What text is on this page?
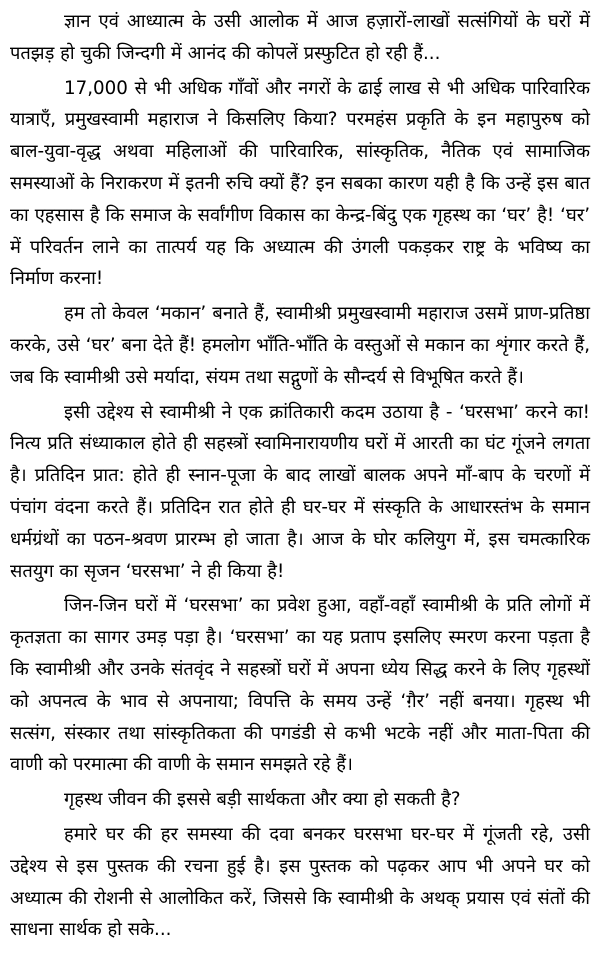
ज्ञान एवं आध्यात्म के उसी आलोक में आज हज़ारों-लाखों सत्संगियों के घरों में पतझड़ हो चुकी जिन्दगी में आनंद की कोपलें प्रस्फुटित हो रही हैं...

17,000 से भी अधिक गाँवों और नगरों के ढाई लाख से भी अधिक पारिवारिक यात्राएँ, प्रमुखस्वामी महाराज ने किसलिए किया? परमहंस प्रकृति के इन महापुरुष को बाल-युवा-वृद्ध अथवा महिलाओं की पारिवारिक, सांस्कृतिक, नैतिक एवं सामाजिक समस्याओं के निराकरण में इतनी रुचि क्यों हैं? इन सबका कारण यही है कि उन्हें इस बात का एहसास है कि समाज के सर्वांगीण विकास का केन्द्र-बिंदु एक गृहस्थ का ‘घर’ है! ‘घर’ में परिवर्तन लाने का तात्पर्य यह कि अध्यात्म की उंगली पकड़कर राष्ट्र के भविष्य का निर्माण करना!

हम तो केवल ‘मकान’ बनाते हैं, स्वामीश्री प्रमुखस्वामी महाराज उसमें प्राण-प्रतिष्ठा करके, उसे ‘घर’ बना देते हैं! हमलोग भाँति-भाँति के वस्तुओं से मकान का शृंगार करते हैं, जब कि स्वामीश्री उसे मर्यादा, संयम तथा सद्गुणों के सौन्दर्य से विभूषित करते हैं।

इसी उद्देश्य से स्वामीश्री ने एक क्रांतिकारी कदम उठाया है - ‘घरसभा’ करने का! नित्य प्रति संध्याकाल होते ही सहस्त्रों स्वामिनारायणीय घरों में आरती का घंट गूंजने लगता है। प्रतिदिन प्रात: होते ही स्नान-पूजा के बाद लाखों बालक अपने माँ-बाप के चरणों में पंचांग वंदना करते हैं। प्रतिदिन रात होते ही घर-घर में संस्कृति के आधारस्तंभ के समान धर्मग्रंथों का पठन-श्रवण प्रारम्भ हो जाता है। आज के घोर कलियुग में, इस चमत्कारिक सतयुग का सृजन ‘घरसभा’ ने ही किया है!

जिन-जिन घरों में ‘घरसभा’ का प्रवेश हुआ, वहाँ-वहाँ स्वामीश्री के प्रति लोगों में कृतज्ञता का सागर उमड़ पड़ा है। ‘घरसभा’ का यह प्रताप इसलिए स्मरण करना पड़ता है कि स्वामीश्री और उनके संतवृंद ने सहस्त्रों घरों में अपना ध्येय सिद्ध करने के लिए गृहस्थों को अपनत्व के भाव से अपनाया; विपत्ति के समय उन्हें ‘ग़ैर’ नहीं बनया। गृहस्थ भी सत्संग, संस्कार तथा सांस्कृतिकता की पगडंडी से कभी भटके नहीं और माता-पिता की वाणी को परमात्मा की वाणी के समान समझते रहे हैं।

गृहस्थ जीवन की इससे बड़ी सार्थकता और क्या हो सकती है?

हमारे घर की हर समस्या की दवा बनकर घरसभा घर-घर में गूंजती रहे, उसी उद्देश्य से इस पुस्तक की रचना हुई है। इस पुस्तक को पढ़कर आप भी अपने घर को अध्यात्म की रोशनी से आलोकित करें, जिससे कि स्वामीश्री के अथक् प्रयास एवं संतों की साधना सार्थक हो सके...
